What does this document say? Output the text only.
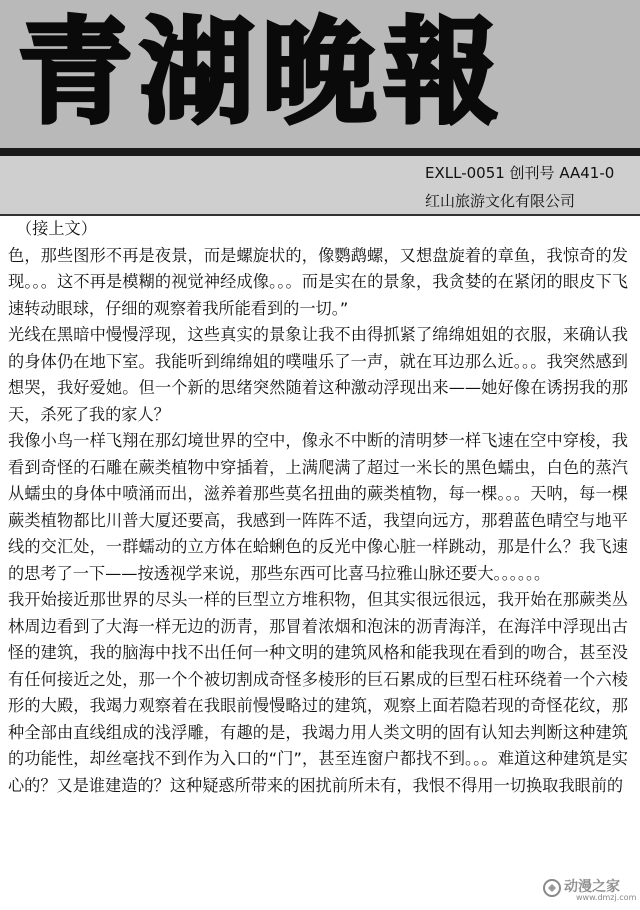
青湖晚報
EXLL-0051 创刊号 AA41-0
红山旅游文化有限公司

（接上文）

色，那些图形不再是夜景，而是螺旋状的，像鹦鹉螺，又想盘旋着的章鱼，我惊奇的发现。。。这不再是模糊的视觉神经成像。。。而是实在的景象，我贪婪的在紧闭的眼皮下飞速转动眼球，仔细的观察着我所能看到的一切。”

光线在黑暗中慢慢浮现，这些真实的景象让我不由得抓紧了绵绵姐姐的衣服，来确认我的身体仍在地下室。我能听到绵绵姐的噗嗤乐了一声，就在耳边那么近。。。我突然感到想哭，我好爱她。但一个新的思绪突然随着这种激动浮现出来——她好像在诱拐我的那天，杀死了我的家人？

我像小鸟一样飞翔在那幻境世界的空中，像永不中断的清明梦一样飞速在空中穿梭，我看到奇怪的石雕在蕨类植物中穿插着，上满爬满了超过一米长的黑色蠕虫，白色的蒸汽从蠕虫的身体中喷涌而出，滋养着那些莫名扭曲的蕨类植物，每一棵。。。天呐，每一棵蕨类植物都比川普大厦还要高，我感到一阵阵不适，我望向远方，那碧蓝色晴空与地平线的交汇处，一群蠕动的立方体在蛤蜊色的反光中像心脏一样跳动，那是什么？我飞速的思考了一下——按透视学来说，那些东西可比喜马拉雅山脉还要大。。。。。。

我开始接近那世界的尽头一样的巨型立方堆积物，但其实很远很远，我开始在那蕨类丛林周边看到了大海一样无边的沥青，那冒着浓烟和泡沫的沥青海洋，在海洋中浮现出古怪的建筑，我的脑海中找不出任何一种文明的建筑风格和能我现在看到的吻合，甚至没有任何接近之处，那一个个被切割成奇怪多棱形的巨石累成的巨型石柱环绕着一个六棱形的大殿，我竭力观察着在我眼前慢慢略过的建筑，观察上面若隐若现的奇怪花纹，那种全部由直线组成的浅浮雕，有趣的是，我竭力用人类文明的固有认知去判断这种建筑的功能性，却丝毫找不到作为入口的“门”，甚至连窗户都找不到。。。难道这种建筑是实心的？又是谁建造的？这种疑惑所带来的困扰前所未有，我恨不得用一切换取我眼前的

动漫之家
www.dmzj.com
